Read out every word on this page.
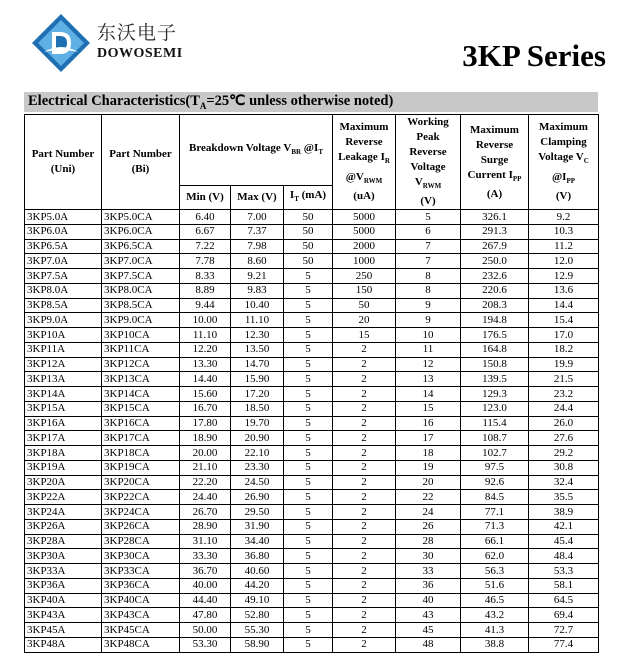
东沃电子
DOWOSEMI	3KP Series
Electrical $Characteristics(T_A=25℃$ unless otherwise noted)
Part Number (Uni)	Part Number (Bi)	Breakdown Voltage $V_{BR}$ $@I_T$			Maximum
Reverse
Leakage $I_R$
$@V_{RWM}$
(uA)	Working
Peak Reverse
Voltage
$V_{RWM}$
(V)	Maximum
Reverse
Surge
Current $I_{PP}$
(A)	Maximum
Clamping
Voltage $V_C$
$@I_{PP}$
(V)
		Min (V)	Max (V)	$I_T$ (mA)				
3KP5.0A	3KP5.0CA	6.40	7.00	50	5000	5	326.1	9.2
3KP6.0A	3KP6.0CA	6.67	7.37	50	5000	6	291.3	10.3
3KP6.5A	3KP6.5CA	7.22	7.98	50	2000	7	267.9	11.2
3KP7.0A	3KP7.0CA	7.78	8.60	50	1000	7	250.0	12.0
3KP7.5A	3KP7.5CA	8.33	9.21	5	250	8	232.6	12.9
3KP8.0A	3KP8.0CA	8.89	9.83	5	150	8	220.6	13.6
3KP8.5A	3KP8.5CA	9.44	10.40	5	50	9	208.3	14.4
3KP9.0A	3KP9.0CA	10.00	11.10	5	20	9	194.8	15.4
3KP10A	3KP10CA	11.10	12.30	5	15	10	176.5	17.0
3KP11A	3KP11CA	12.20	13.50	5	2	11	164.8	18.2
3KP12A	3KP12CA	13.30	14.70	5	2	12	150.8	19.9
3KP13A	3KP13CA	14.40	15.90	5	2	13	139.5	21.5
3KP14A	3KP14CA	15.60	17.20	5	2	14	129.3	23.2
3KP15A	3KP15CA	16.70	18.50	5	2	15	123.0	24.4
3KP16A	3KP16CA	17.80	19.70	5	2	16	115.4	26.0
3KP17A	3KP17CA	18.90	20.90	5	2	17	108.7	27.6
3KP18A	3KP18CA	20.00	22.10	5	2	18	102.7	29.2
3KP19A	3KP19CA	21.10	23.30	5	2	19	97.5	30.8
3KP20A	3KP20CA	22.20	24.50	5	2	20	92.6	32.4
3KP22A	3KP22CA	24.40	26.90	5	2	22	84.5	35.5
3KP24A	3KP24CA	26.70	29.50	5	2	24	77.1	38.9
3KP26A	3KP26CA	28.90	31.90	5	2	26	71.3	42.1
3KP28A	3KP28CA	31.10	34.40	5	2	28	66.1	45.4
3KP30A	3KP30CA	33.30	36.80	5	2	30	62.0	48.4
3KP33A	3KP33CA	36.70	40.60	5	2	33	56.3	53.3
3KP36A	3KP36CA	40.00	44.20	5	2	36	51.6	58.1
3KP40A	3KP40CA	44.40	49.10	5	2	40	46.5	64.5
3KP43A	3KP43CA	47.80	52.80	5	2	43	43.2	69.4
3KP45A	3KP45CA	50.00	55.30	5	2	45	41.3	72.7
3KP48A	3KP48CA	53.30	58.90	5	2	48	38.8	77.4
